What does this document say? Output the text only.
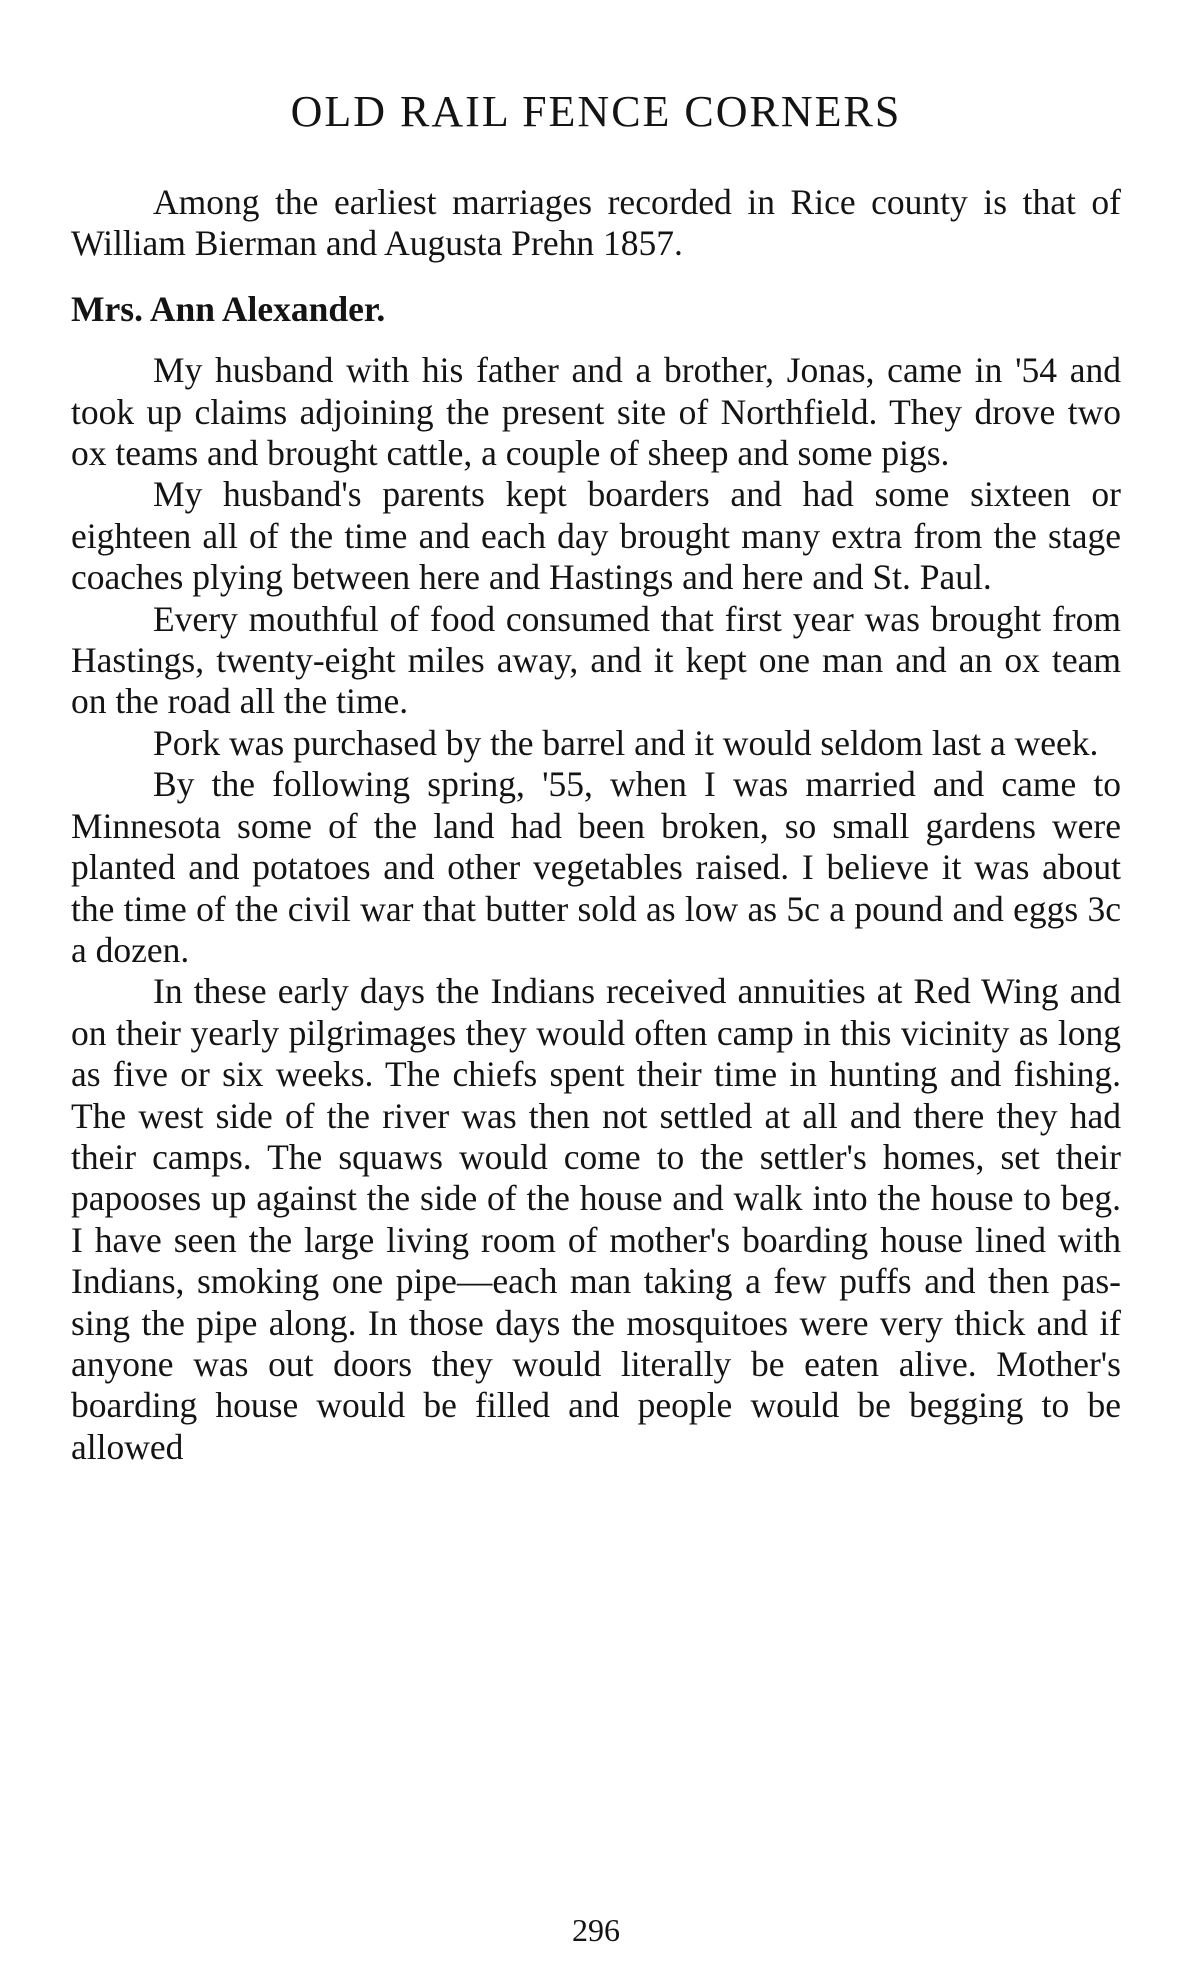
OLD RAIL FENCE CORNERS

Among the earliest marriages recorded in Rice county is that of William Bierman and Augusta Prehn 1857.

Mrs. Ann Alexander.

My husband with his father and a brother, Jonas, came in '54 and took up claims adjoining the present site of Northfield. They drove two ox teams and brought cattle, a couple of sheep and some pigs.

My husband's parents kept boarders and had some sixteen or eighteen all of the time and each day brought many extra from the stage coaches plying between here and Hastings and here and St. Paul.

Every mouthful of food consumed that first year was brought from Hastings, twenty-eight miles away, and it kept one man and an ox team on the road all the time.

Pork was purchased by the barrel and it would seldom last a week.

By the following spring, '55, when I was married and came to Minnesota some of the land had been broken, so small gardens were planted and potatoes and other vegetables raised. I believe it was about the time of the civil war that butter sold as low as 5c a pound and eggs 3c a dozen.

In these early days the Indians received annuities at Red Wing and on their yearly pilgrimages they would often camp in this vicinity as long as five or six weeks. The chiefs spent their time in hunting and fishing. The west side of the river was then not settled at all and there they had their camps. The squaws would come to the settler's homes, set their papooses up against the side of the house and walk into the house to beg. I have seen the large living room of mother's boarding house lined with Indians, smoking one pipe—each man taking a few puffs and then passing the pipe along. In those days the mosquitoes were very thick and if anyone was out doors they would literally be eaten alive. Mother's boarding house would be filled and people would be begging to be allowed

296
